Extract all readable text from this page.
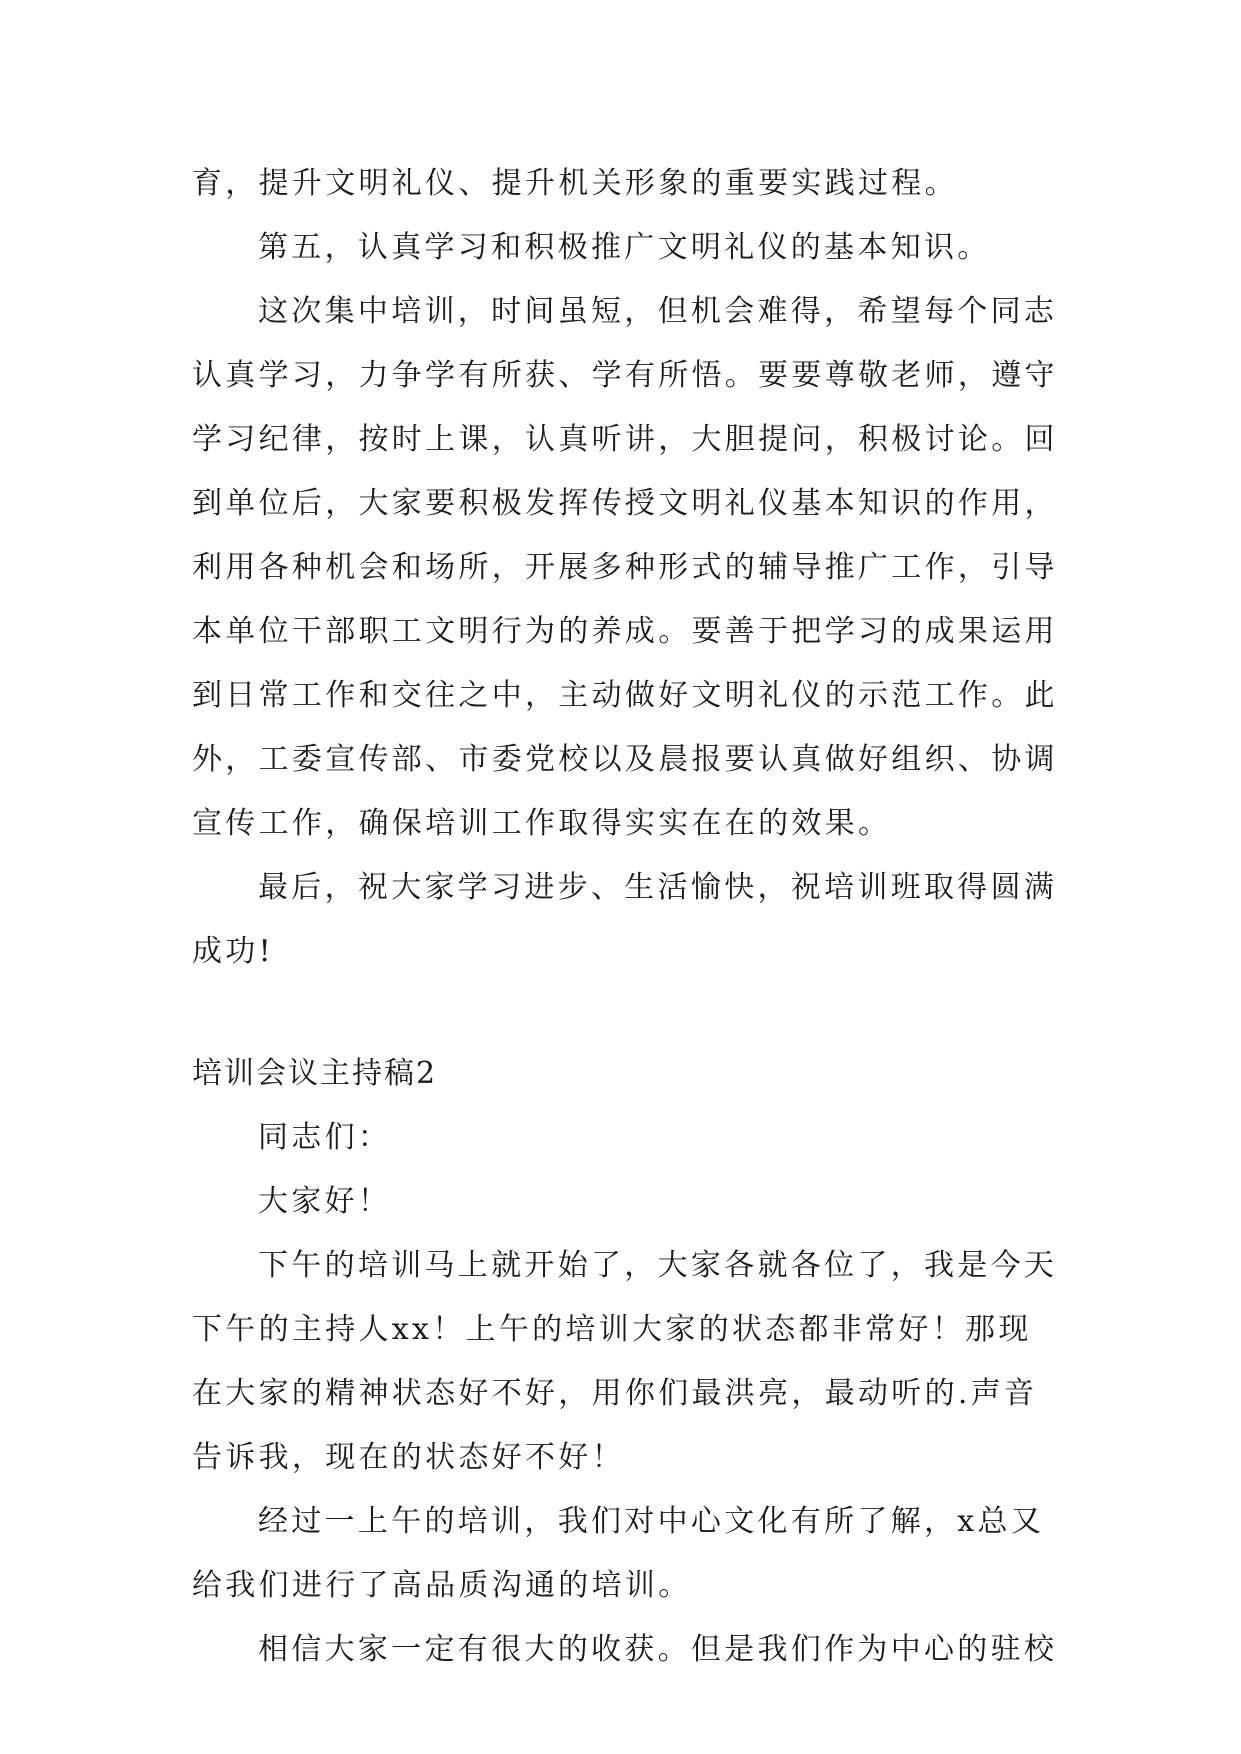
育，提升文明礼仪、提升机关形象的重要实践过程。
第五，认真学习和积极推广文明礼仪的基本知识。
这次集中培训，时间虽短，但机会难得，希望每个同志
认真学习，力争学有所获、学有所悟。要要尊敬老师，遵守
学习纪律，按时上课，认真听讲，大胆提问，积极讨论。回
到单位后，大家要积极发挥传授文明礼仪基本知识的作用，
利用各种机会和场所，开展多种形式的辅导推广工作，引导
本单位干部职工文明行为的养成。要善于把学习的成果运用
到日常工作和交往之中，主动做好文明礼仪的示范工作。此
外，工委宣传部、市委党校以及晨报要认真做好组织、协调
宣传工作，确保培训工作取得实实在在的效果。
最后，祝大家学习进步、生活愉快，祝培训班取得圆满
成功!
培训会议主持稿2
同志们：
大家好！
下午的培训马上就开始了，大家各就各位了，我是今天
下午的主持人xx！上午的培训大家的状态都非常好！那现
在大家的精神状态好不好，用你们最洪亮，最动听的.声音
告诉我，现在的状态好不好！
经过一上午的培训，我们对中心文化有所了解，x总又
给我们进行了高品质沟通的培训。
相信大家一定有很大的收获。但是我们作为中心的驻校
